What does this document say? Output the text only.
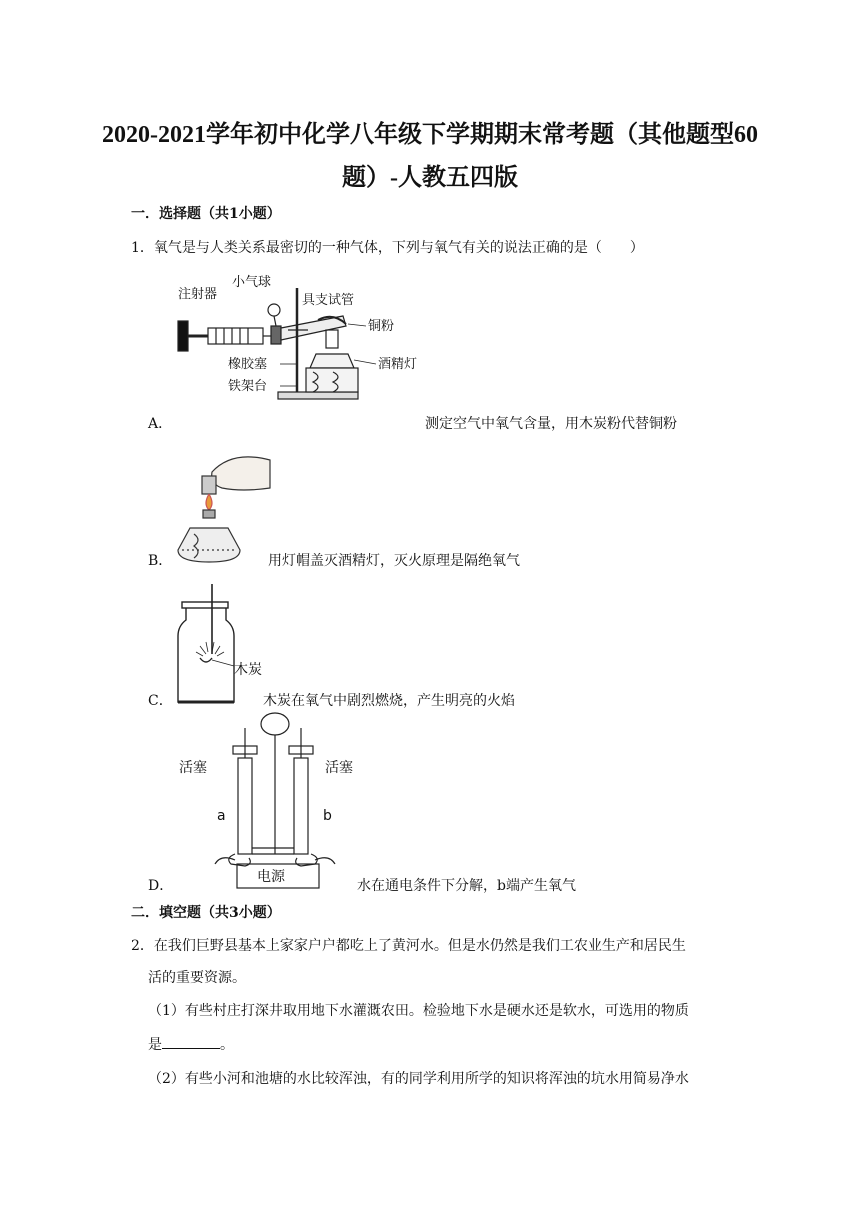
2020-2021学年初中化学八年级下学期期末常考题（其他题型60
题）-人教五四版
一．选择题（共1小题）
1．氧气是与人类关系最密切的一种气体，下列与氧气有关的说法正确的是（　　）
注射器
小气球
具支试管
铜粉
橡胶塞	酒精灯
铁架台
A．	测定空气中氧气含量，用木炭粉代替铜粉
B．	用灯帽盖灭酒精灯，灭火原理是隔绝氧气
木炭
C．	木炭在氧气中剧烈燃烧，产生明亮的火焰
活塞	活塞
a	b
电源
D．	水在通电条件下分解，b端产生氧气
二．填空题（共3小题）
2．在我们巨野县基本上家家户户都吃上了黄河水。但是水仍然是我们工农业生产和居民生
活的重要资源。
（1）有些村庄打深井取用地下水灌溉农田。检验地下水是硬水还是软水，可选用的物质
是	。
（2）有些小河和池塘的水比较浑浊，有的同学利用所学的知识将浑浊的坑水用简易净水
